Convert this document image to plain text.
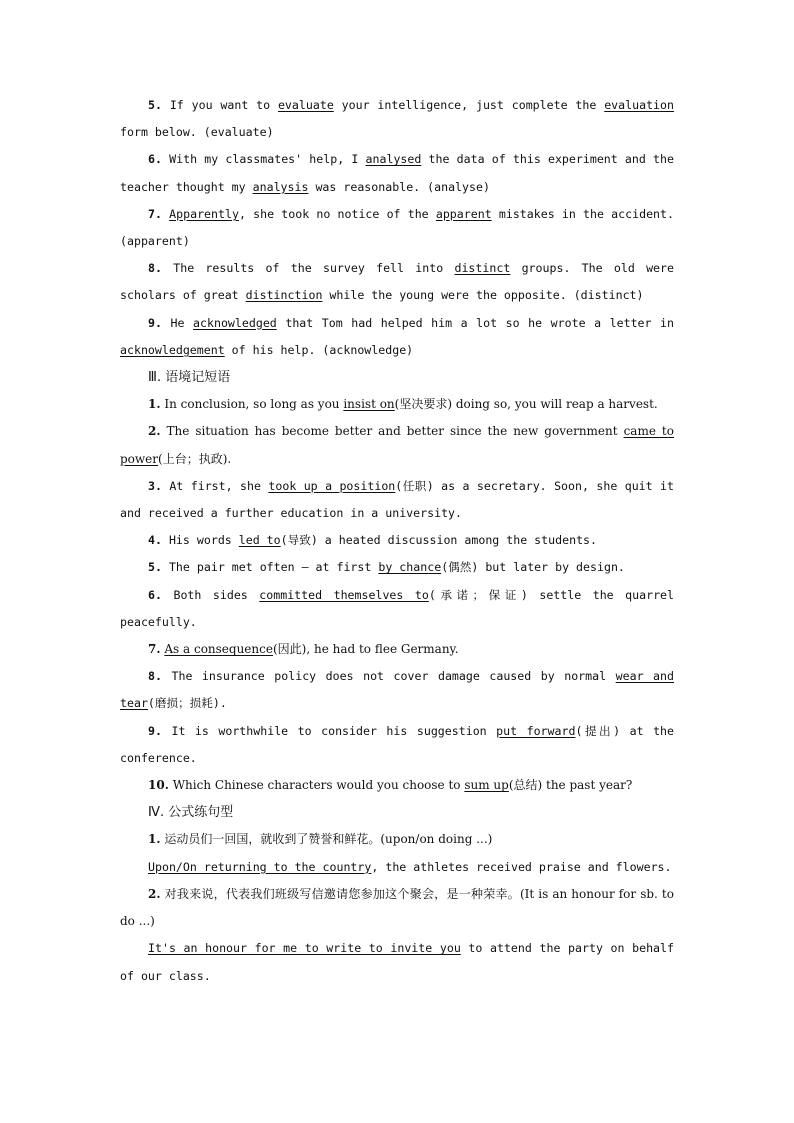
5. If you want to evaluate your intelligence, just complete the evaluation form below. (evaluate)

6. With my classmates' help, I analysed the data of this experiment and the teacher thought my analysis was reasonable. (analyse)

7. Apparently, she took no notice of the apparent mistakes in the accident. (apparent)

8. The results of the survey fell into distinct groups. The old were scholars of great distinction while the young were the opposite. (distinct)

9. He acknowledged that Tom had helped him a lot so he wrote a letter in acknowledgement of his help. (acknowledge)

Ⅲ. 语境记短语

1. In conclusion, so long as you insist on(坚决要求) doing so, you will reap a harvest.

2. The situation has become better and better since the new government came to power(上台；执政).

3. At first, she took up a position(任职) as a secretary. Soon, she quit it and received a further education in a university.

4. His words led to(导致) a heated discussion among the students.

5. The pair met often — at first by chance(偶然) but later by design.

6. Both sides committed themselves to(承诺；保证) settle the quarrel peacefully.

7. As a consequence(因此), he had to flee Germany.

8. The insurance policy does not cover damage caused by normal wear and tear(磨损；损耗).

9. It is worthwhile to consider his suggestion put forward(提出) at the conference.

10. Which Chinese characters would you choose to sum up(总结) the past year?

Ⅳ. 公式练句型

1. 运动员们一回国，就收到了赞誉和鲜花。(upon/on doing ...)

Upon/On returning to the country, the athletes received praise and flowers.

2. 对我来说，代表我们班级写信邀请您参加这个聚会，是一种荣幸。(It is an honour for sb. to do ...)

It's an honour for me to write to invite you to attend the party on behalf of our class.
